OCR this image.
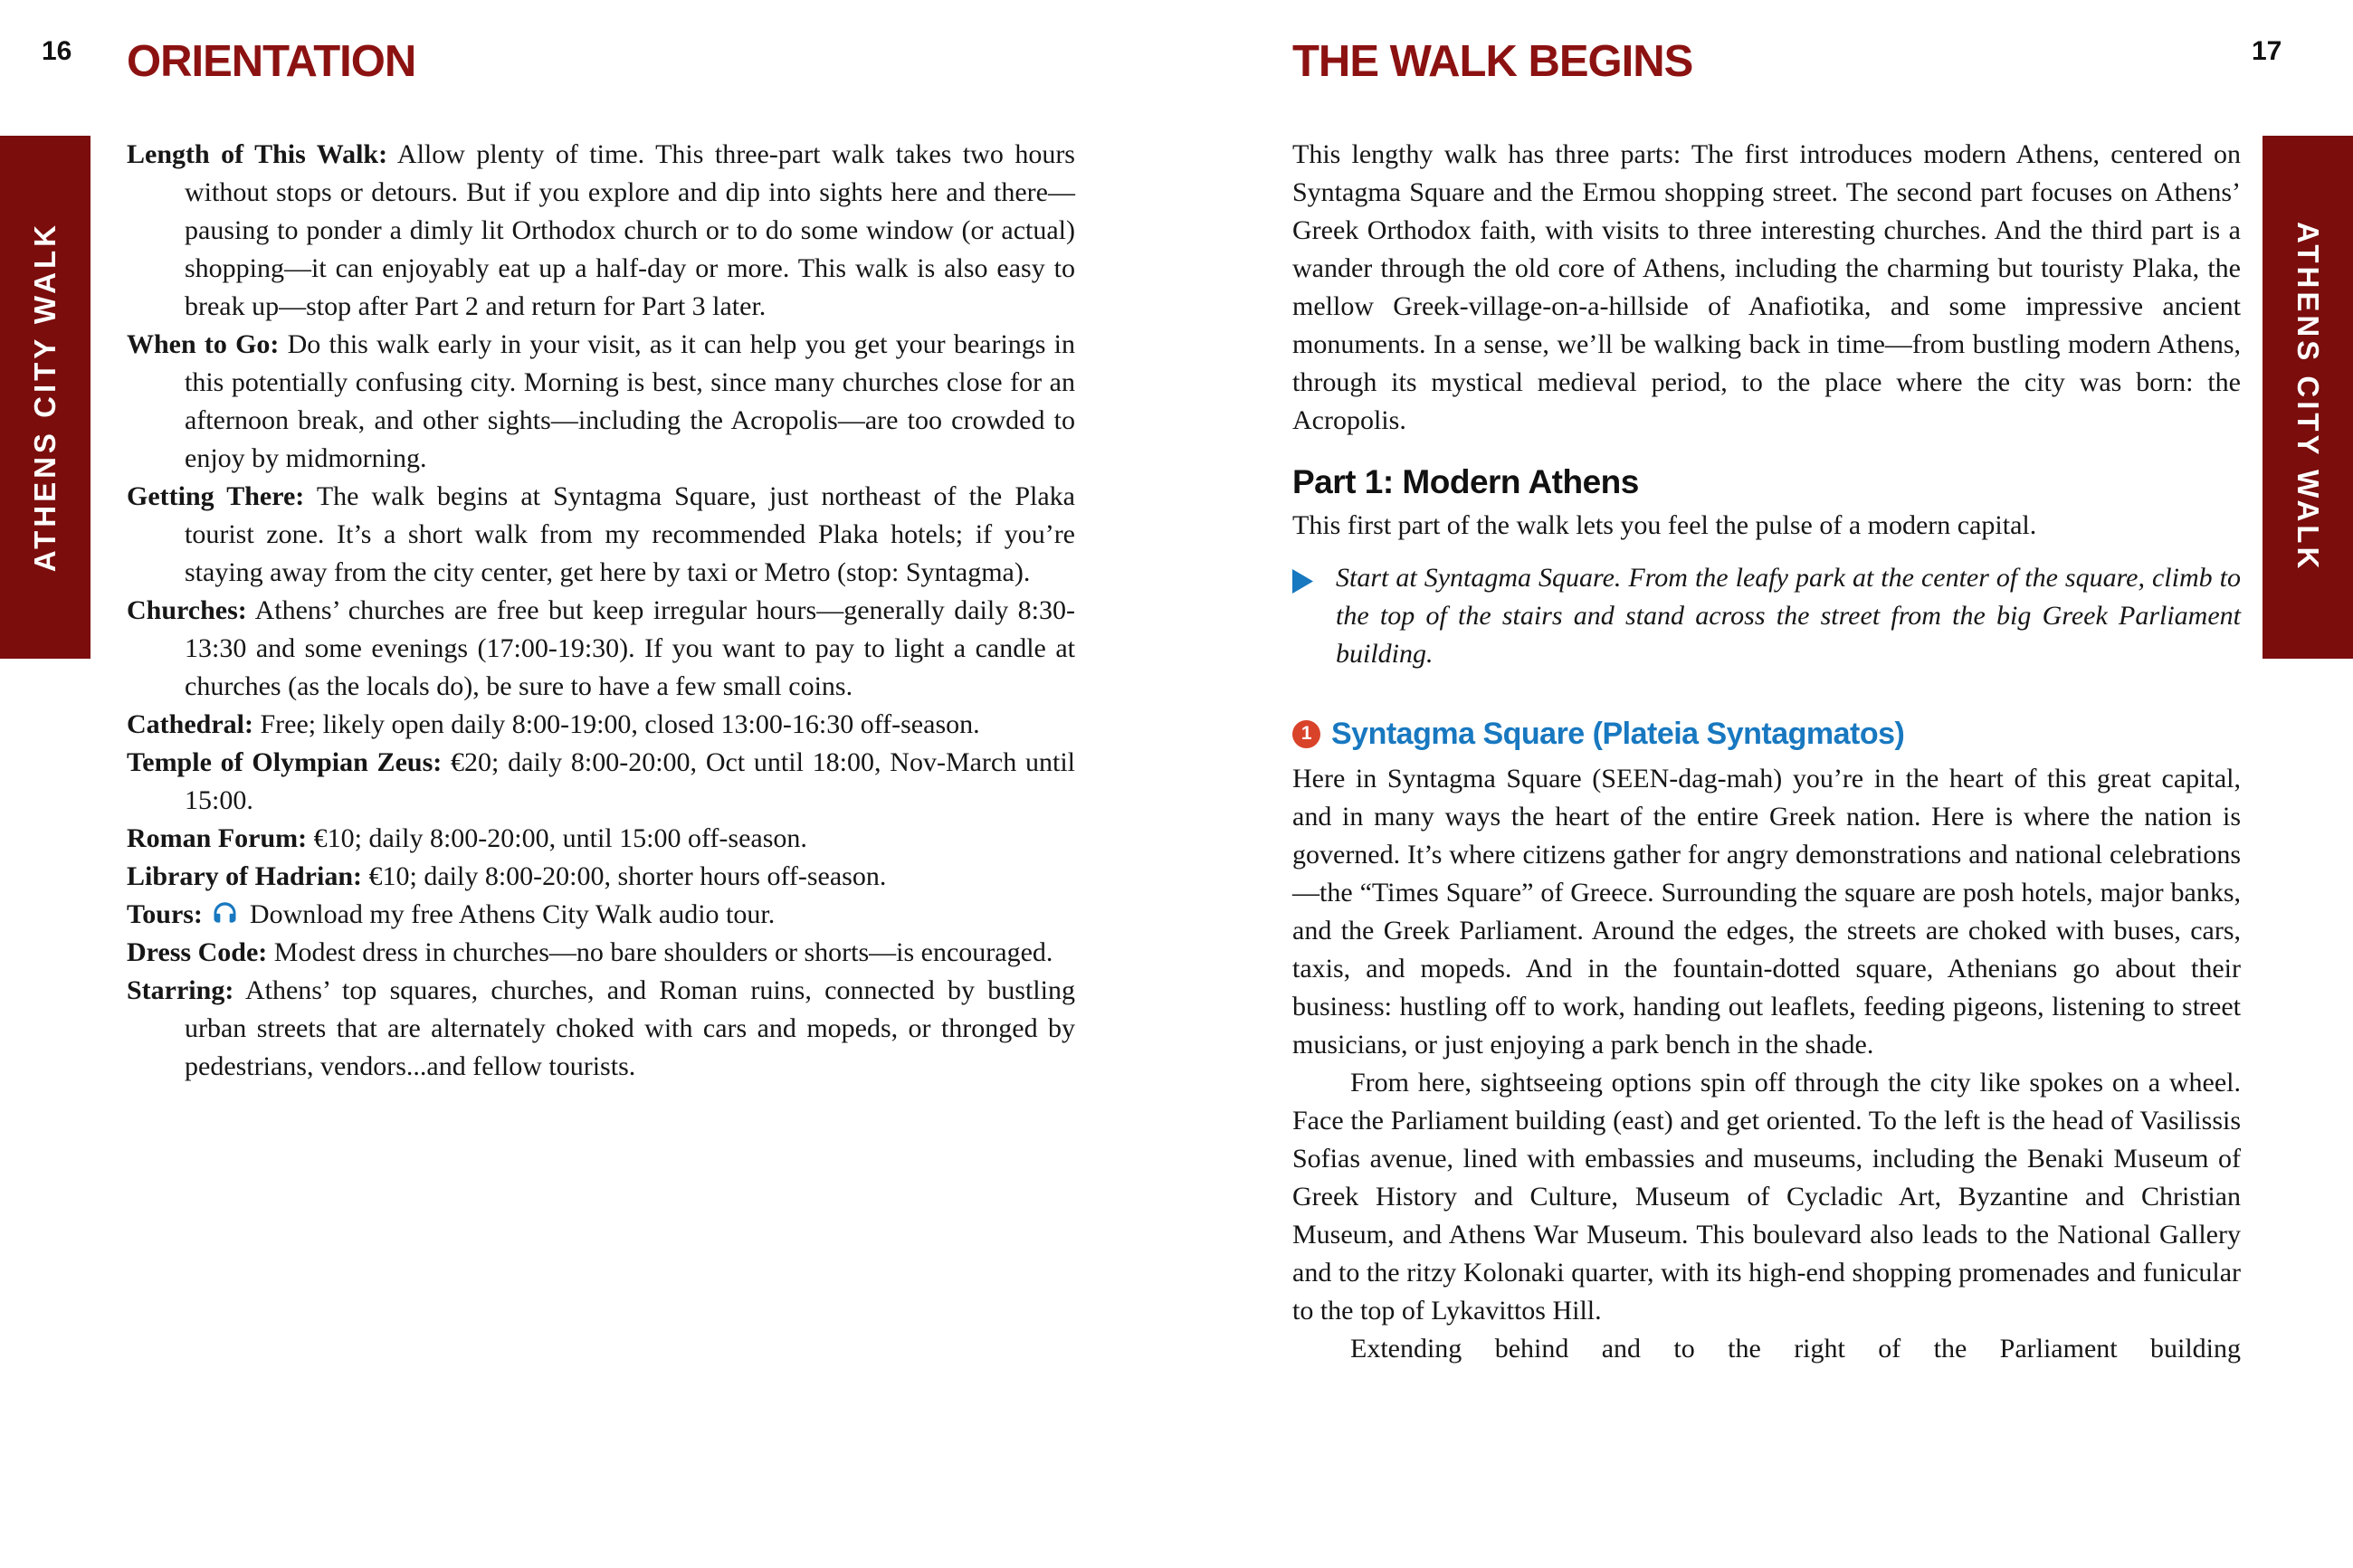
16	17
ATHENS CITY WALK	ATHENS CITY WALK
ORIENTATION	THE WALK BEGINS
Length of This Walk: Allow plenty of time. This three-part walk takes two hours without stops or detours. But if you explore and dip into sights here and there—pausing to ponder a dimly lit Orthodox church or to do some window (or actual) shopping—it can enjoyably eat up a half-day or more. This walk is also easy to break up—stop after Part 2 and return for Part 3 later.
When to Go: Do this walk early in your visit, as it can help you get your bearings in this potentially confusing city. Morning is best, since many churches close for an afternoon break, and other sights—including the Acropolis—are too crowded to enjoy by midmorning.
Getting There: The walk begins at Syntagma Square, just northeast of the Plaka tourist zone. It’s a short walk from my recommended Plaka hotels; if you’re staying away from the city center, get here by taxi or Metro (stop: Syntagma).
Churches: Athens’ churches are free but keep irregular hours—generally daily 8:30-13:30 and some evenings (17:00-19:30). If you want to pay to light a candle at churches (as the locals do), be sure to have a few small coins.
Cathedral: Free; likely open daily 8:00-19:00, closed 13:00-16:30 off-season.
Temple of Olympian Zeus: €20; daily 8:00-20:00, Oct until 18:00, Nov-March until 15:00.
Roman Forum: €10; daily 8:00-20:00, until 15:00 off-season.
Library of Hadrian: €10; daily 8:00-20:00, shorter hours off-season.
Tours: Download my free Athens City Walk audio tour.
Dress Code: Modest dress in churches—no bare shoulders or shorts—is encouraged.
Starring: Athens’ top squares, churches, and Roman ruins, connected by bustling urban streets that are alternately choked with cars and mopeds, or thronged by pedestrians, vendors...and fellow tourists.

This lengthy walk has three parts: The first introduces modern Athens, centered on Syntagma Square and the Ermou shopping street. The second part focuses on Athens’ Greek Orthodox faith, with visits to three interesting churches. And the third part is a wander through the old core of Athens, including the charming but touristy Plaka, the mellow Greek-village-on-a-hillside of Anafiotika, and some impressive ancient monuments. In a sense, we’ll be walking back in time—from bustling modern Athens, through its mystical medieval period, to the place where the city was born: the Acropolis.

Part 1: Modern Athens

This first part of the walk lets you feel the pulse of a modern capital.

Start at Syntagma Square. From the leafy park at the center of the square, climb to the top of the stairs and stand across the street from the big Greek Parliament building.
1 Syntagma Square (Plateia Syntagmatos)

Here in Syntagma Square (SEEN-dag-mah) you’re in the heart of this great capital, and in many ways the heart of the entire Greek nation. Here is where the nation is governed. It’s where citizens gather for angry demonstrations and national celebrations—the “Times Square” of Greece. Surrounding the square are posh hotels, major banks, and the Greek Parliament. Around the edges, the streets are choked with buses, cars, taxis, and mopeds. And in the fountain-dotted square, Athenians go about their business: hustling off to work, handing out leaflets, feeding pigeons, listening to street musicians, or just enjoying a park bench in the shade.

From here, sightseeing options spin off through the city like spokes on a wheel. Face the Parliament building (east) and get oriented. To the left is the head of Vasilissis Sofias avenue, lined with embassies and museums, including the Benaki Museum of Greek History and Culture, Museum of Cycladic Art, Byzantine and Christian Museum, and Athens War Museum. This boulevard also leads to the National Gallery and to the ritzy Kolonaki quarter, with its high-end shopping promenades and funicular to the top of Lykavittos Hill.

Extending behind and to the right of the Parliament building
